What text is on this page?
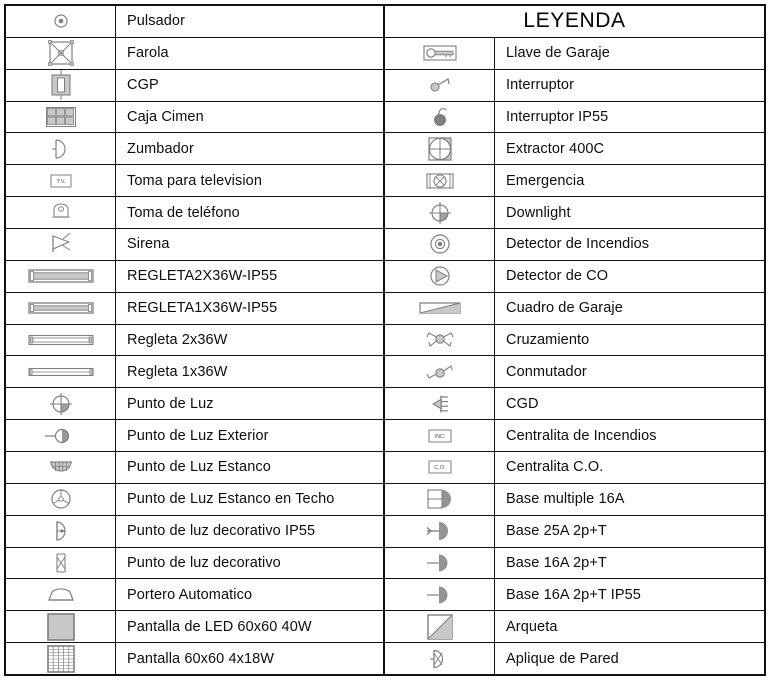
Pulsador
Farola
CGP
Caja Cimen
Zumbador
T.V.	Toma para television
Toma de teléfono
Sirena
REGLETA2X36W-IP55
REGLETA1X36W-IP55
Regleta 2x36W
Regleta 1x36W
Punto de Luz
Punto de Luz Exterior
Punto de Luz Estanco
Punto de Luz Estanco en Techo
Punto de luz decorativo IP55
Punto de luz decorativo
Portero Automatico
Pantalla de LED 60x60 40W
Pantalla 60x60 4x18W
LEYENDA
Llave de Garaje
Interruptor
Interruptor IP55
Extractor 400C
Emergencia
Downlight
Detector de Incendios
Detector de CO
Cuadro de Garaje
Cruzamiento
Conmutador
CGD
INC.	Centralita de Incendios
C.O.	Centralita C.O.
Base multiple 16A
Base 25A 2p+T
Base 16A 2p+T
Base 16A 2p+T IP55
Arqueta
Aplique de Pared
